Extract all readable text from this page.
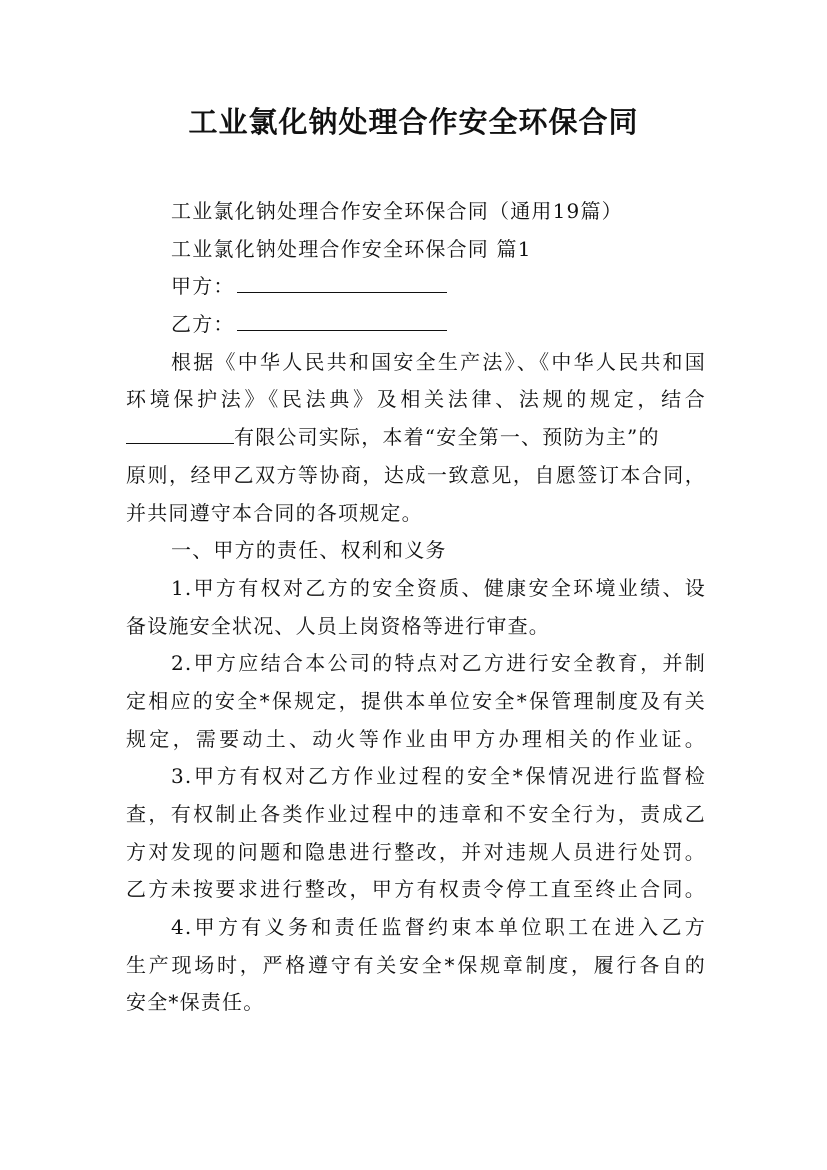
工业氯化钠处理合作安全环保合同
工业氯化钠处理合作安全环保合同（通用19篇）
工业氯化钠处理合作安全环保合同 篇1
甲方：
乙方：
根据《中华人民共和国安全生产法》、《中华人民共和国
环境保护法》《民法典》及相关法律、法规的规定，结合
有限公司实际，本着“安全第一、预防为主”的
原则，经甲乙双方等协商，达成一致意见，自愿签订本合同，
并共同遵守本合同的各项规定。
一、甲方的责任、权利和义务
1.甲方有权对乙方的安全资质、健康安全环境业绩、设
备设施安全状况、人员上岗资格等进行审查。
2.甲方应结合本公司的特点对乙方进行安全教育，并制
定相应的安全*保规定，提供本单位安全*保管理制度及有关
规定，需要动土、动火等作业由甲方办理相关的作业证。
3.甲方有权对乙方作业过程的安全*保情况进行监督检
查，有权制止各类作业过程中的违章和不安全行为，责成乙
方对发现的问题和隐患进行整改，并对违规人员进行处罚。
乙方未按要求进行整改，甲方有权责令停工直至终止合同。
4.甲方有义务和责任监督约束本单位职工在进入乙方
生产现场时，严格遵守有关安全*保规章制度，履行各自的
安全*保责任。
